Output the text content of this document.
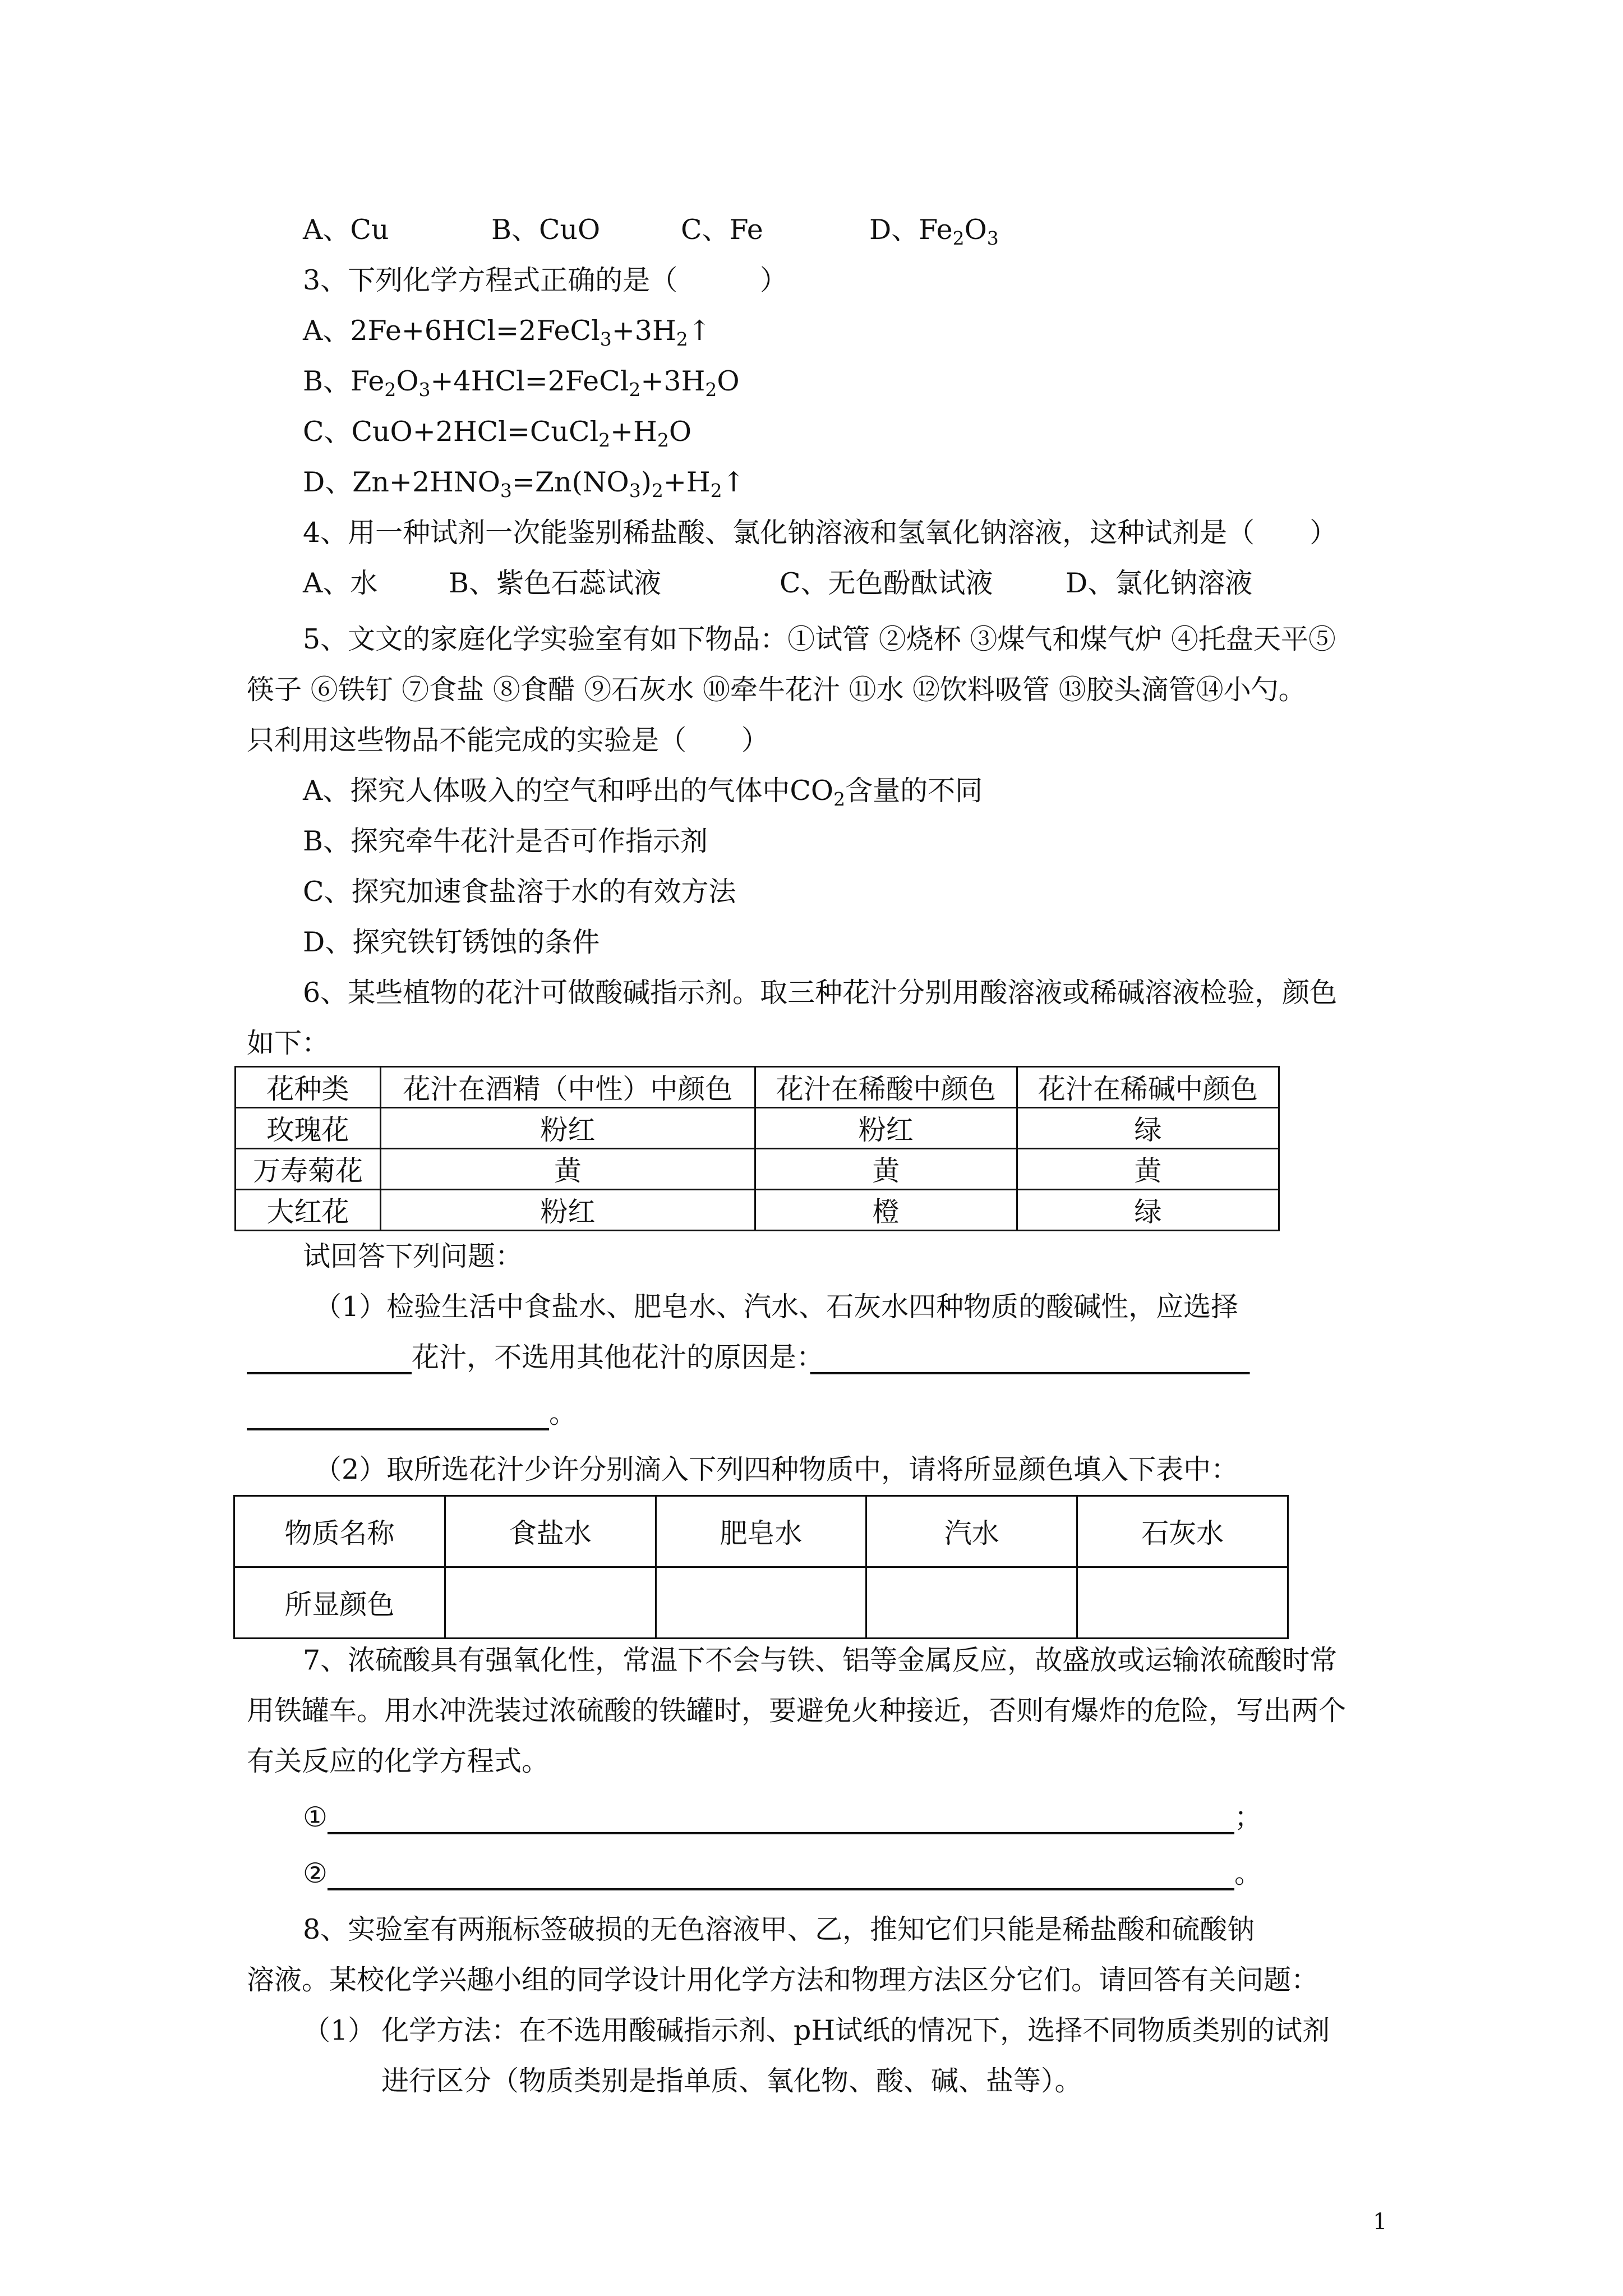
A、Cu	B、CuO	C、Fe	D、$Fe_2O_3$
3、下列化学方程式正确的是（　　　）
A、$2Fe+6HCl=2FeCl_3+3H_2↑$
B、$Fe_2O_3+4HCl=2FeCl_2+3H_2O$
C、$CuO+2HCl=CuCl_2+H_2O$
D、$Zn+2HNO_3=Zn(NO_3)_2+H_2↑$
4、用一种试剂一次能鉴别稀盐酸、氯化钠溶液和氢氧化钠溶液，这种试剂是（　　）
A、水	B、紫色石蕊试液	C、无色酚酞试液	D、氯化钠溶液
5、文文的家庭化学实验室有如下物品：①试管 ②烧杯 ③煤气和煤气炉 ④托盘天平⑤
筷子 ⑥铁钉 ⑦食盐 ⑧食醋 ⑨石灰水 ⑩牵牛花汁 ⑪水 ⑫饮料吸管 ⑬胶头滴管⑭小勺。
只利用这些物品不能完成的实验是（　　）
A、探究人体吸入的空气和呼出的气体中$CO_2$含量的不同
B、探究牵牛花汁是否可作指示剂
C、探究加速食盐溶于水的有效方法
D、探究铁钉锈蚀的条件
6、某些植物的花汁可做酸碱指示剂。取三种花汁分别用酸溶液或稀碱溶液检验，颜色
如下：
花种类	花汁在酒精（中性）中颜色	花汁在稀酸中颜色	花汁在稀碱中颜色
玫瑰花	粉红	粉红	绿
万寿菊花	黄	黄	黄
大红花	粉红	橙	绿
试回答下列问题：
（1）检验生活中食盐水、肥皂水、汽水、石灰水四种物质的酸碱性，应选择
　　　　　　花汁，不选用其他花汁的原因是：　　　　　　　　　　　　　　　　
　　　　　　　　　　　。
（2）取所选花汁少许分别滴入下列四种物质中，请将所显颜色填入下表中：
物质名称	食盐水	肥皂水	汽水	石灰水
所显颜色				
7、浓硫酸具有强氧化性，常温下不会与铁、铝等金属反应，故盛放或运输浓硫酸时常
用铁罐车。用水冲洗装过浓硫酸的铁罐时，要避免火种接近，否则有爆炸的危险，写出两个
有关反应的化学方程式。
①　　　　　　　　　　　　　　　　　　　　　　　　　　　　　　　　　	；
②　　　　　　　　　　　　　　　　　　　　　　　　　　　　　　　　　	。
8、实验室有两瓶标签破损的无色溶液甲、乙，推知它们只能是稀盐酸和硫酸钠
溶液。某校化学兴趣小组的同学设计用化学方法和物理方法区分它们。请回答有关问题：
（1） 化学方法：在不选用酸碱指示剂、pH试纸的情况下，选择不同物质类别的试剂
进行区分（物质类别是指单质、氧化物、酸、碱、盐等）。
1
